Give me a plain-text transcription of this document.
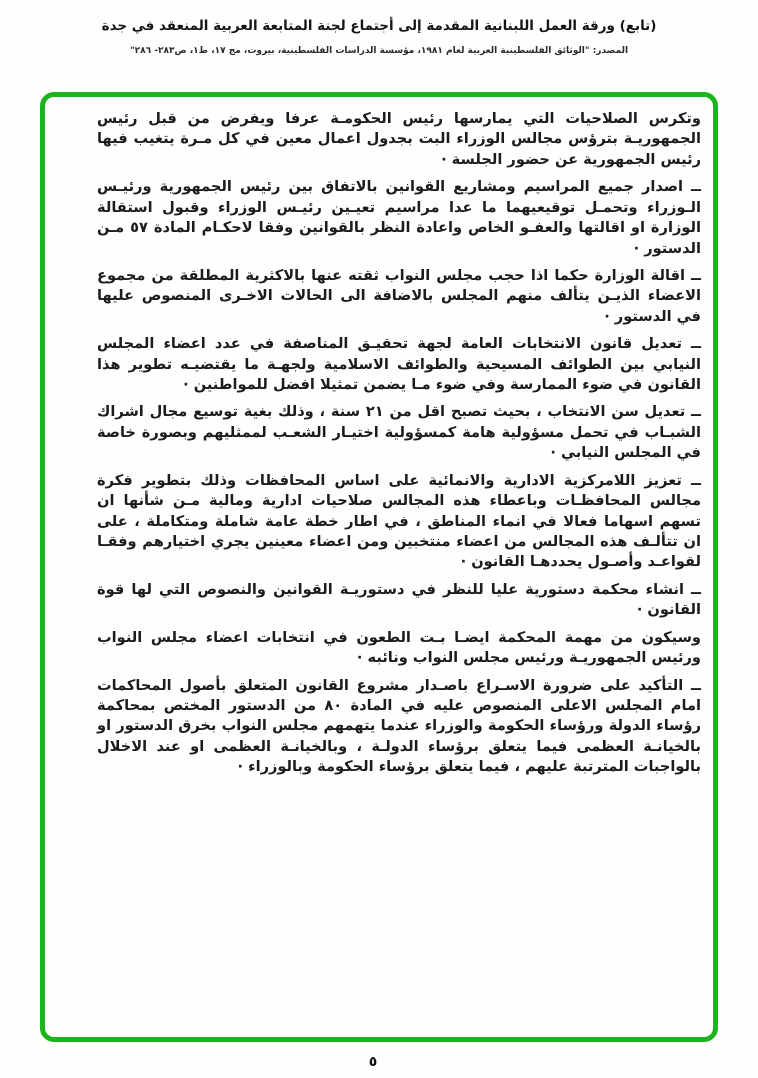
(تابع) ورقة العمل اللبنانية المقدمة إلى أجتماع لجنة المتابعة العربية المنعقد في جدة
المصدر: "الوثائق الفلسطينية العربية لعام ١٩٨١، مؤسسة الدراسات الفلسطينية، بيروت، مج ١٧، ط١، ص٢٨٣- ٢٨٦"

وتكرس الصلاحيات التي يمارسها رئيس الحكومـة عرفا ويفرض من قبل رئيس الجمهوريـة بترؤس مجالس الوزراء البت بجدول اعمال معين في كل مـرة يتغيب فيها رئيس الجمهورية عن حضور الجلسة ·

ــ اصدار جميع المراسيم ومشاريع القوانين بالاتفاق بين رئيس الجمهورية ورئيـس الـوزراء وتحمـل توقيعيهما ما عدا مراسيم تعيـين رئيـس الوزراء وقبول استقالة الوزارة او اقالتها والعفـو الخاص واعادة النظر بالقوانين وفقا لاحكـام المادة ٥٧ مـن الدستور ·

ــ اقالة الوزارة حكما اذا حجب مجلس النواب ثقته عنها بالاكثرية المطلقة من مجموع الاعضاء الذيـن يتألف منهم المجلس بالاضافة الى الحالات الاخـرى المنصوص عليها في الدستور ·

ــ تعديل قانون الانتخابات العامة لجهة تحقيـق المناصفة في عدد اعضاء المجلس النيابي بين الطوائف المسيحية والطوائف الاسلامية ولجهـة ما يقتضيـه تطوير هذا القانون في ضوء الممارسة وفي ضوء مـا يضمن تمثيلا افضل للمواطنين ·

ــ تعديل سن الانتخاب ، بحيث تصبح اقل من ٢١ سنة ، وذلك بغية توسيع مجال اشراك الشبـاب في تحمل مسؤولية هامة كمسؤولية اختيـار الشعـب لممثليهم وبصورة خاصة في المجلس النيابي ·

ــ تعزيز اللامركزية الادارية والانمائية على اساس المحافظات وذلك بتطوير فكرة مجالس المحافظـات وباعطاء هذه المجالس صلاحيات ادارية ومالية مـن شأنها ان تسهم اسهاما فعالا في انماء المناطق ، في اطار خطة عامة شاملة ومتكاملة ، على ان تتألـف هذه المجالس من اعضاء منتخبين ومن اعضاء معينين يجري اختيارهم وفقـا لقواعـد وأصـول يحددهـا القانون ·

ــ انشاء محكمة دستورية عليا للنظر في دستوريـة القوانين والنصوص التي لها قوة القانون ·

وسيكون من مهمة المحكمة ايضـا بـت الطعون في انتخابات اعضاء مجلس النواب ورئيس الجمهوريـة ورئيس مجلس النواب ونائبه ·

ــ التأكيد على ضرورة الاسـراع باصـدار مشروع القانون المتعلق بأصول المحاكمات امام المجلس الاعلى المنصوص عليه في المادة ٨٠ من الدستور المختص بمحاكمة رؤساء الدولة ورؤساء الحكومة والوزراء عندما يتهمهم مجلس النواب بخرق الدستور او بالخيانـة العظمى فيما يتعلق برؤساء الدولـة ، وبالخيانـة العظمى او عند الاخلال بالواجبات المترتبة عليهم ، فيما يتعلق برؤساء الحكومة وبالوزراء ·

٥
